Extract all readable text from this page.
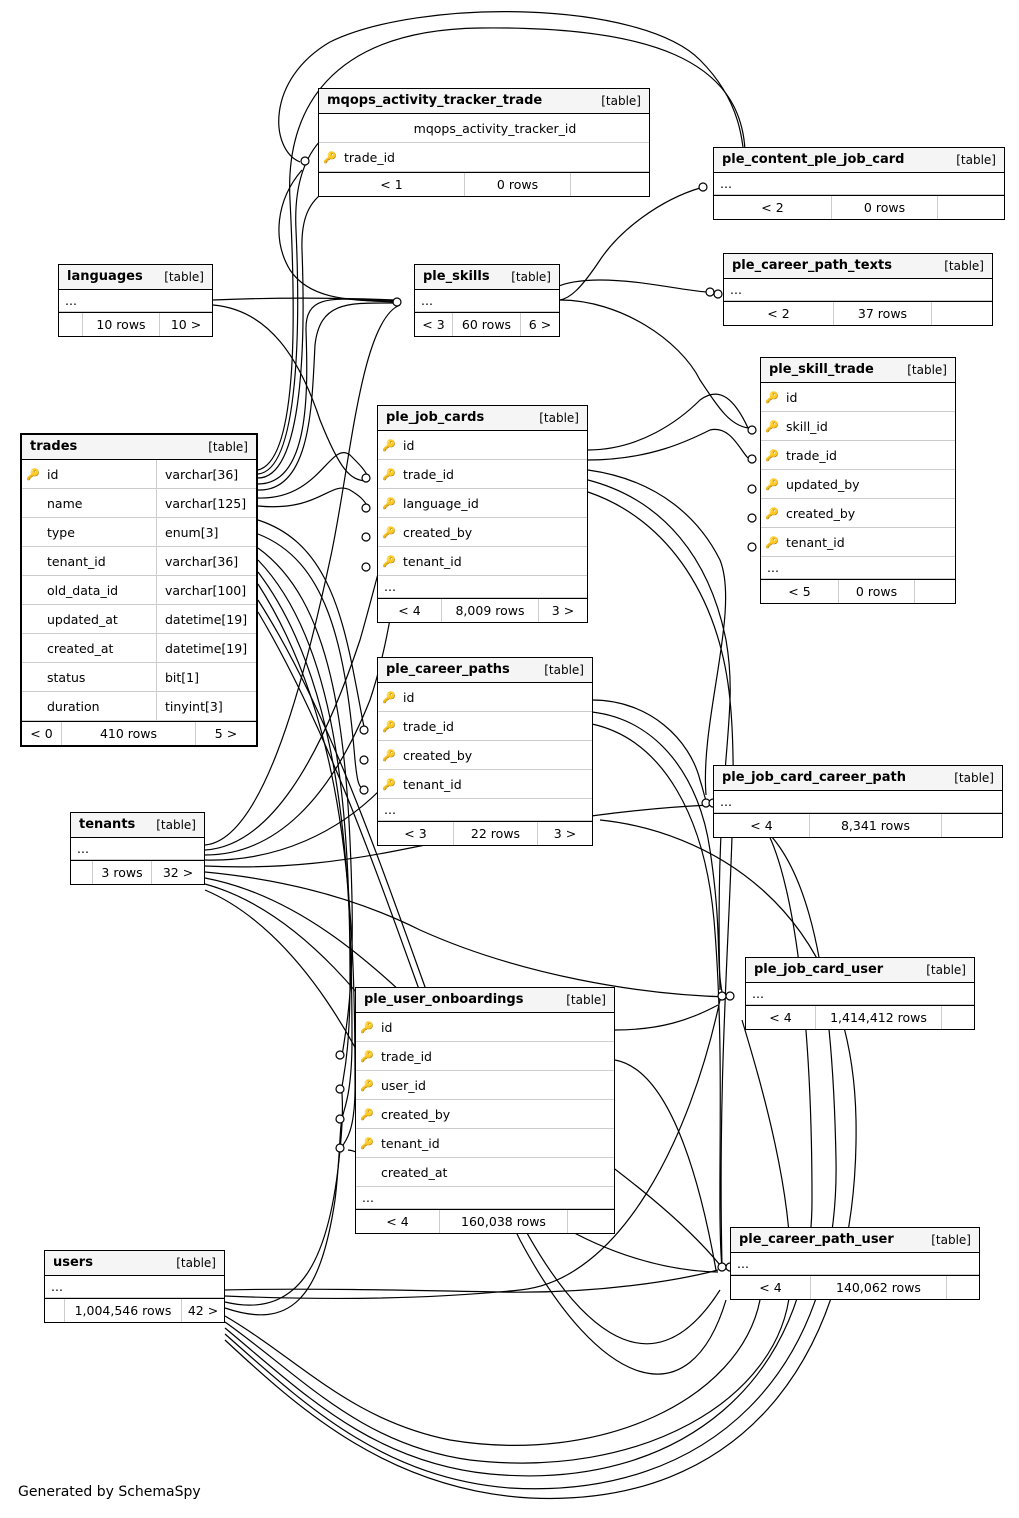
mqops_activity_tracker_trade	[table]
mqops_activity_tracker_id
🔑 trade_id
< 1	0 rows
ple_content_ple_job_card	[table]
...
< 2	0 rows
languages	[table]
...
10 rows	10 >
ple_skills	[table]
...
< 3	60 rows	6 >
ple_career_path_texts	[table]
...
< 2	37 rows
ple_skill_trade	[table]
🔑 id
🔑 skill_id
🔑 trade_id
🔑 updated_by
🔑 created_by
🔑 tenant_id
...
< 5	0 rows
ple_job_cards	[table]
🔑 id
🔑 trade_id
🔑 language_id
🔑 created_by
🔑 tenant_id
...
< 4	8,009 rows	3 >
trades	[table]
🔑 id	varchar[36]
name	varchar[125]
type	enum[3]
tenant_id	varchar[36]
old_data_id	varchar[100]
updated_at	datetime[19]
created_at	datetime[19]
status	bit[1]
duration	tinyint[3]
< 0	410 rows	5 >
ple_career_paths	[table]
🔑 id
🔑 trade_id
🔑 created_by
🔑 tenant_id
...
< 3	22 rows	3 >
ple_job_card_career_path	[table]
...
< 4	8,341 rows
tenants	[table]
...
3 rows	32 >
ple_job_card_user	[table]
...
< 4	1,414,412 rows
ple_user_onboardings	[table]
🔑 id
🔑 trade_id
🔑 user_id
🔑 created_by
🔑 tenant_id
created_at
...
< 4	160,038 rows
users	[table]
...
1,004,546 rows	42 >
ple_career_path_user	[table]
...
< 4	140,062 rows
Generated by SchemaSpy
